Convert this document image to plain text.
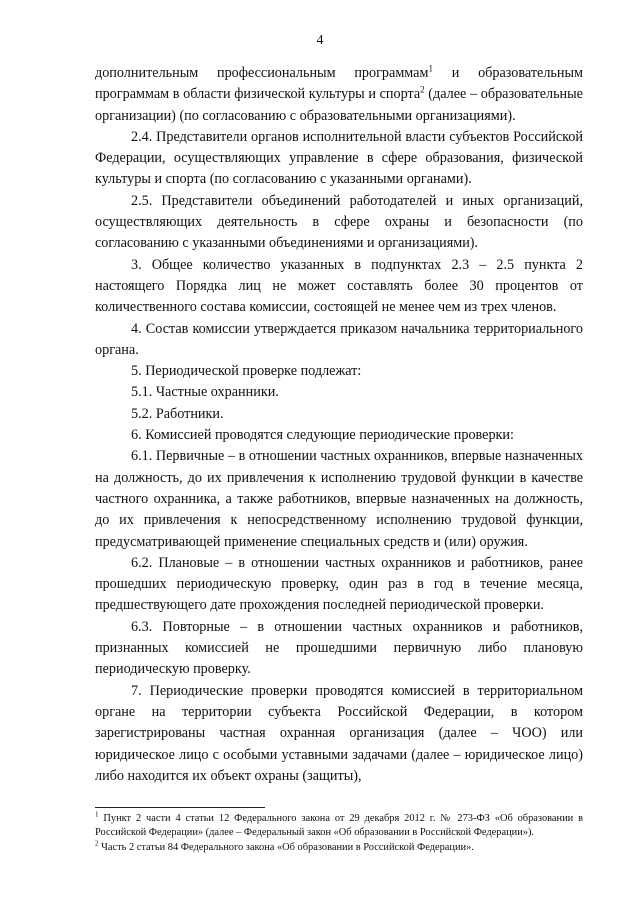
4

дополнительным профессиональным программам$^1$ и образовательным программам в области физической культуры и спорта$^2$ (далее – образовательные организации) (по согласованию с образовательными организациями).

2.4. Представители органов исполнительной власти субъектов Российской Федерации, осуществляющих управление в сфере образования, физической культуры и спорта (по согласованию с указанными органами).

2.5. Представители объединений работодателей и иных организаций, осуществляющих деятельность в сфере охраны и безопасности (по согласованию с указанными объединениями и организациями).

3. Общее количество указанных в подпунктах 2.3 – 2.5 пункта 2 настоящего Порядка лиц не может составлять более 30 процентов от количественного состава комиссии, состоящей не менее чем из трех членов.

4. Состав комиссии утверждается приказом начальника территориального органа.

5. Периодической проверке подлежат:

5.1. Частные охранники.

5.2. Работники.

6. Комиссией проводятся следующие периодические проверки:

6.1. Первичные – в отношении частных охранников, впервые назначенных на должность, до их привлечения к исполнению трудовой функции в качестве частного охранника, а также работников, впервые назначенных на должность, до их привлечения к непосредственному исполнению трудовой функции, предусматривающей применение специальных средств и (или) оружия.

6.2. Плановые – в отношении частных охранников и работников, ранее прошедших периодическую проверку, один раз в год в течение месяца, предшествующего дате прохождения последней периодической проверки.

6.3. Повторные – в отношении частных охранников и работников, признанных комиссией не прошедшими первичную либо плановую периодическую проверку.

7. Периодические проверки проводятся комиссией в территориальном органе на территории субъекта Российской Федерации, в котором зарегистрированы частная охранная организация (далее – ЧОО) или юридическое лицо с особыми уставными задачами (далее – юридическое лицо) либо находится их объект охраны (защиты),

$^1$ Пункт 2 части 4 статьи 12 Федерального закона от 29 декабря 2012 г. № 273-ФЗ «Об образовании в Российской Федерации» (далее – Федеральный закон «Об образовании в Российской Федерации»).

$^2$ Часть 2 статьи 84 Федерального закона «Об образовании в Российской Федерации».
